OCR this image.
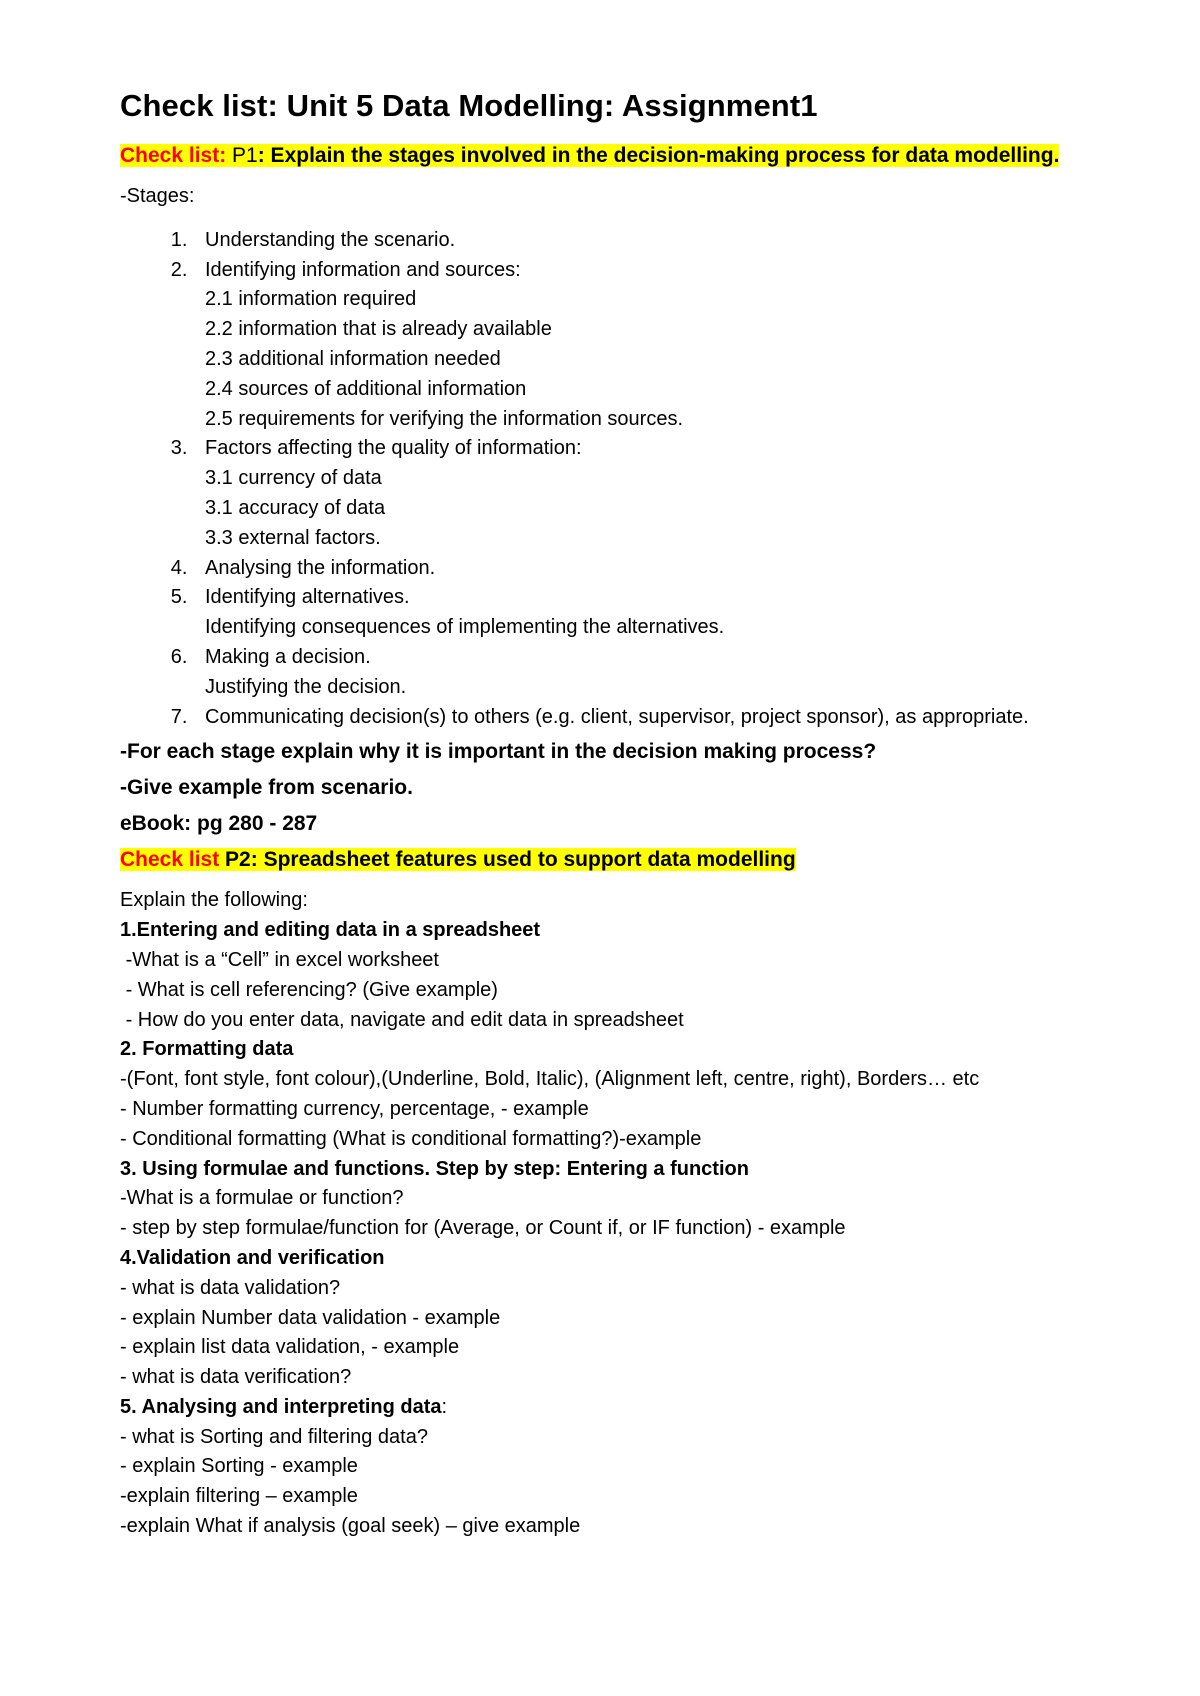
Check list: Unit 5 Data Modelling: Assignment1
Check list: P1: Explain the stages involved in the decision-making process for data modelling.

-Stages:

1. Understanding the scenario.
2. Identifying information and sources:
2.1 information required
2.2 information that is already available
2.3 additional information needed
2.4 sources of additional information
2.5 requirements for verifying the information sources.
3. Factors affecting the quality of information:
3.1 currency of data
3.1 accuracy of data
3.3 external factors.
4. Analysing the information.
5. Identifying alternatives.
Identifying consequences of implementing the alternatives.
6. Making a decision.
Justifying the decision.
7. Communicating decision(s) to others (e.g. client, supervisor, project sponsor), as appropriate.

-For each stage explain why it is important in the decision making process?

-Give example from scenario.

eBook: pg 280 - 287

Check list P2: Spreadsheet features used to support data modelling

Explain the following:

1.Entering and editing data in a spreadsheet

-What is a “Cell” in excel worksheet

- What is cell referencing? (Give example)

- How do you enter data, navigate and edit data in spreadsheet

2. Formatting data

-(Font, font style, font colour),(Underline, Bold, Italic), (Alignment left, centre, right), Borders… etc

- Number formatting currency, percentage, - example

- Conditional formatting (What is conditional formatting?)-example

3. Using formulae and functions. Step by step: Entering a function

-What is a formulae or function?

- step by step formulae/function for (Average, or Count if, or IF function) - example

4.Validation and verification

- what is data validation?

- explain Number data validation - example

- explain list data validation, - example

- what is data verification?

5. Analysing and interpreting data:

- what is Sorting and filtering data?

- explain Sorting - example

-explain filtering – example

-explain What if analysis (goal seek) – give example
